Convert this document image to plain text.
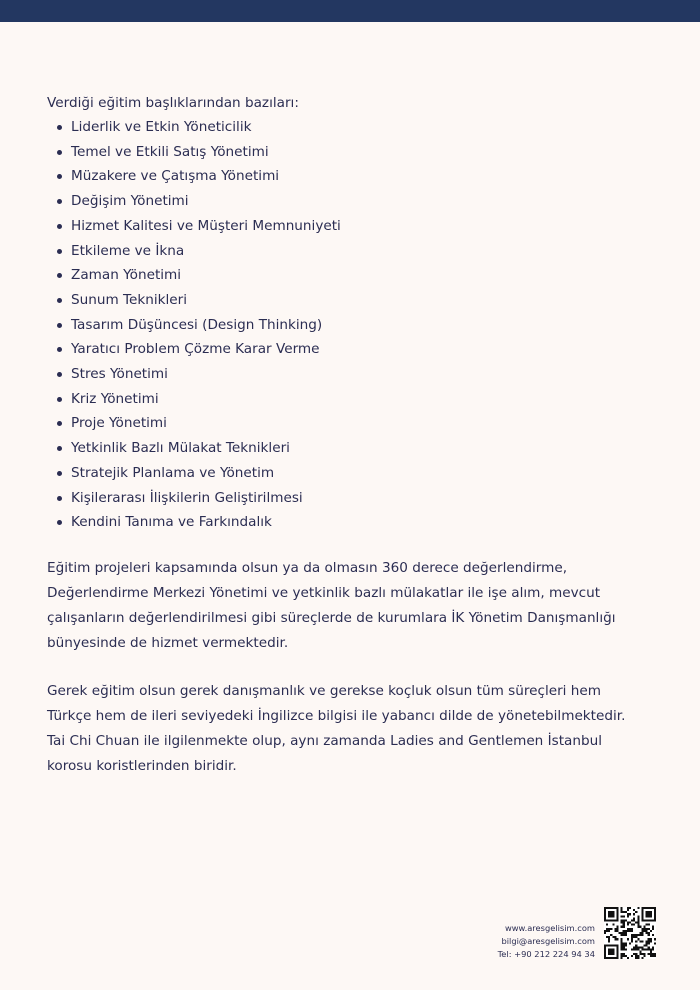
Verdiği eğitim başlıklarından bazıları:

Liderlik ve Etkin Yöneticilik
Temel ve Etkili Satış Yönetimi
Müzakere ve Çatışma Yönetimi
Değişim Yönetimi
Hizmet Kalitesi ve Müşteri Memnuniyeti
Etkileme ve İkna
Zaman Yönetimi
Sunum Teknikleri
Tasarım Düşüncesi (Design Thinking)
Yaratıcı Problem Çözme Karar Verme
Stres Yönetimi
Kriz Yönetimi
Proje Yönetimi
Yetkinlik Bazlı Mülakat Teknikleri
Stratejik Planlama ve Yönetim
Kişilerarası İlişkilerin Geliştirilmesi
Kendini Tanıma ve Farkındalık

Eğitim projeleri kapsamında olsun ya da olmasın 360 derece değerlendirme,
Değerlendirme Merkezi Yönetimi ve yetkinlik bazlı mülakatlar ile işe alım, mevcut
çalışanların değerlendirilmesi gibi süreçlerde de kurumlara İK Yönetim Danışmanlığı
bünyesinde de hizmet vermektedir.

Gerek eğitim olsun gerek danışmanlık ve gerekse koçluk olsun tüm süreçleri hem
Türkçe hem de ileri seviyedeki İngilizce bilgisi ile yabancı dilde de yönetebilmektedir.
Tai Chi Chuan ile ilgilenmekte olup, aynı zamanda Ladies and Gentlemen İstanbul
korosu koristlerinden biridir.

www.aresgelisim.com
bilgi@aresgelisim.com
Tel: +90 212 224 94 34
